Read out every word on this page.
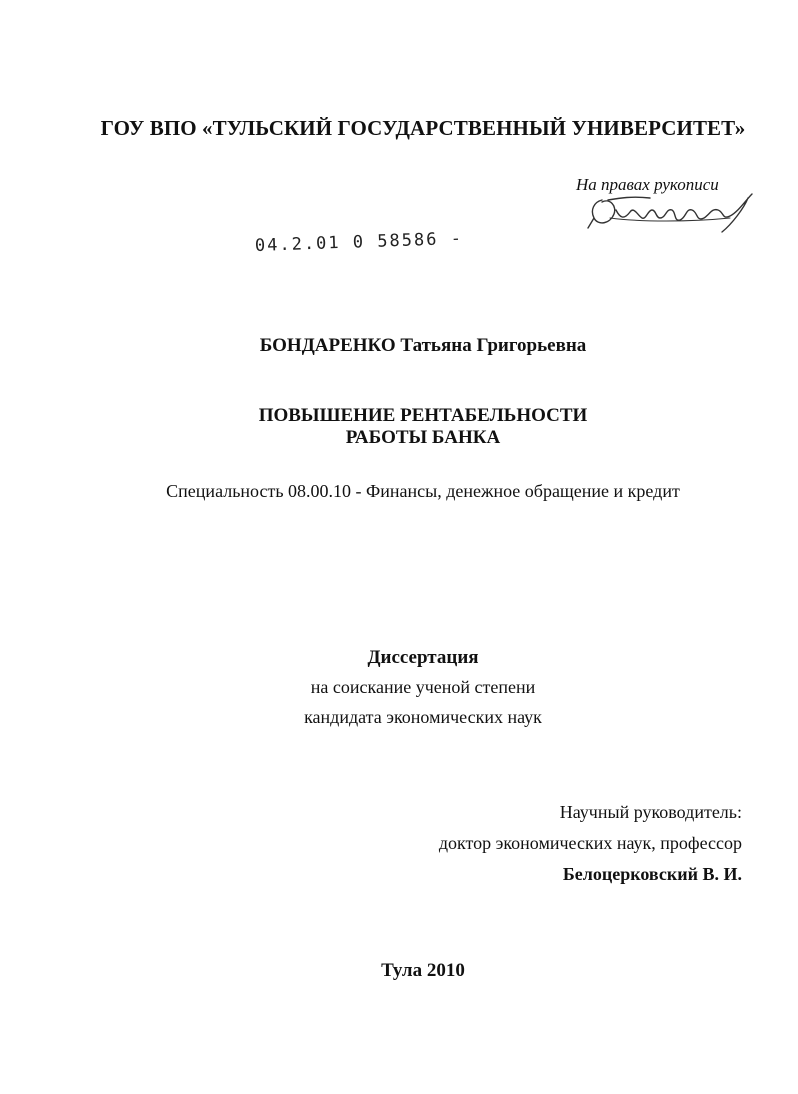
ГОУ ВПО «ТУЛЬСКИЙ ГОСУДАРСТВЕННЫЙ УНИВЕРСИТЕТ»
На правах рукописи
04.2.01 0 58586 -
БОНДАРЕНКО Татьяна Григорьевна
ПОВЫШЕНИЕ РЕНТАБЕЛЬНОСТИ
РАБОТЫ БАНКА
Специальность 08.00.10 - Финансы, денежное обращение и кредит
Диссертация
на соискание ученой степени
кандидата экономических наук
Научный руководитель:
доктор экономических наук, профессор
Белоцерковский В. И.
Тула 2010
